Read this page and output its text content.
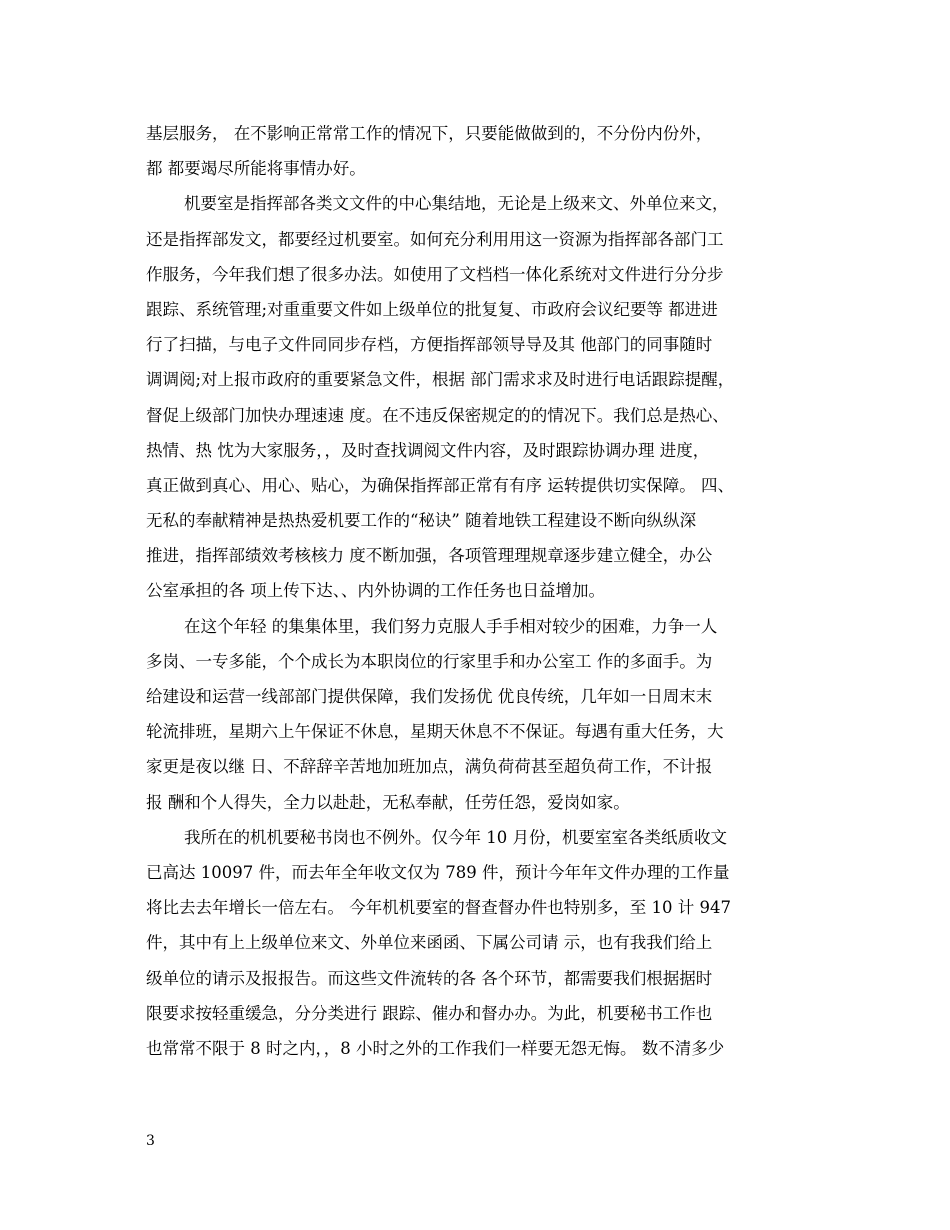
基层服务， 在不影响正常常工作的情况下，只要能做做到的，不分份内份外，
都 都要竭尽所能将事情办好。
机要室是指挥部各类文文件的中心集结地，无论是上级来文、外单位来文，
还是指挥部发文，都要经过机要室。如何充分利用用这一资源为指挥部各部门工
作服务，今年我们想了很多办法。如使用了文档档一体化系统对文件进行分分步
跟踪、系统管理;对重重要文件如上级单位的批复复、市政府会议纪要等 都进进
行了扫描，与电子文件同同步存档，方便指挥部领导导及其 他部门的同事随时
调调阅;对上报市政府的重要紧急文件，根据 部门需求求及时进行电话跟踪提醒，
督促上级部门加快办理速速 度。在不违反保密规定的的情况下。我们总是热心、
热情、热 忱为大家服务，，及时查找调阅文件内容，及时跟踪协调办理 进度，
真正做到真心、用心、贴心，为确保指挥部正常有有序 运转提供切实保障。 四、
无私的奉献精神是热热爱机要工作的“秘诀” 随着地铁工程建设不断向纵纵深
推进，指挥部绩效考核核力 度不断加强，各项管理理规章逐步建立健全，办公
公室承担的各 项上传下达、、内外协调的工作任务也日益增加。
在这个年轻 的集集体里，我们努力克服人手手相对较少的困难，力争一人
多岗、一专多能，个个成长为本职岗位的行家里手和办公室工 作的多面手。为
给建设和运营一线部部门提供保障，我们发扬优 优良传统，几年如一日周末末
轮流排班，星期六上午保证不休息，星期天休息不不保证。每遇有重大任务，大
家更是夜以继 日、不辞辞辛苦地加班加点，满负荷荷甚至超负荷工作，不计报
报 酬和个人得失，全力以赴赴，无私奉献，任劳任怨，爱岗如家。
我所在的机机要秘书岗也不例外。仅今年 10 月份，机要室室各类纸质收文
已高达 10097 件，而去年全年收文仅为 789 件，预计今年年文件办理的工作量
将比去去年增长一倍左右。 今年机机要室的督查督办件也特别多，至 10 计 947
件，其中有上上级单位来文、外单位来函函、下属公司请 示，也有我我们给上
级单位的请示及报报告。而这些文件流转的各 各个环节，都需要我们根据据时
限要求按轻重缓急，分分类进行 跟踪、催办和督办办。为此，机要秘书工作也
也常常不限于 8 时之内，，8 小时之外的工作我们一样要无怨无悔。 数不清多少
3
